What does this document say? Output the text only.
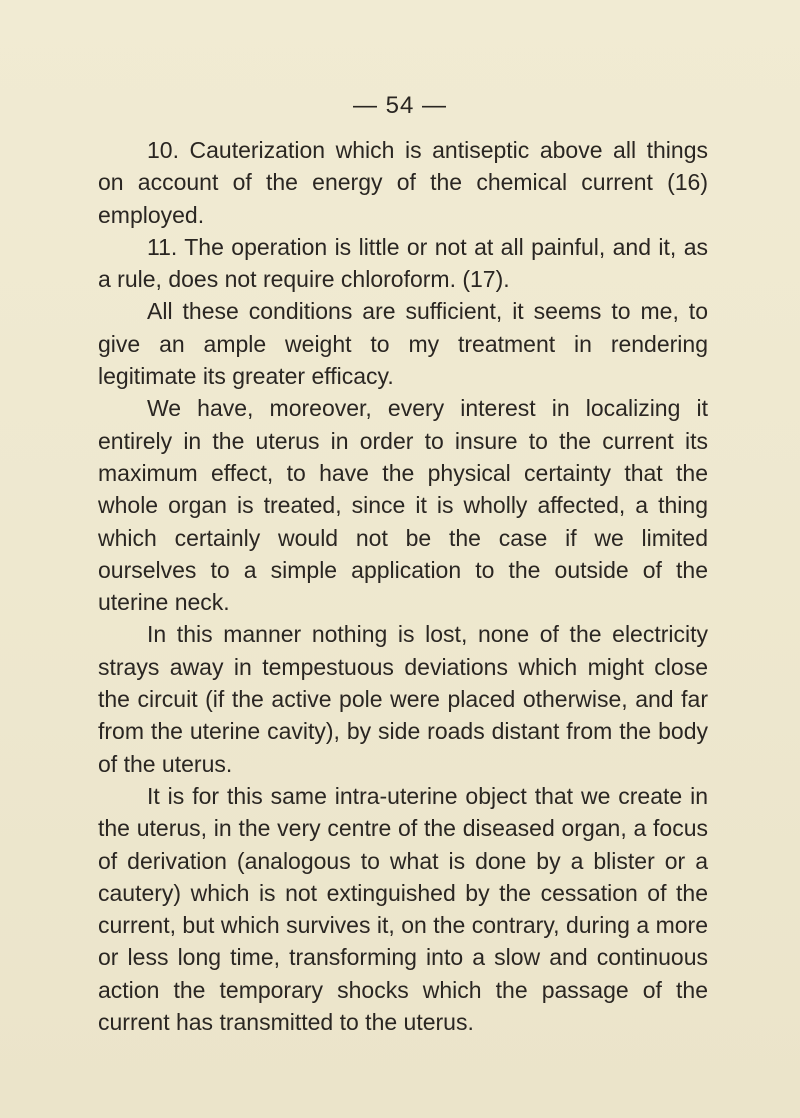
— 54 —

10. Cauterization which is antiseptic above all things on account of the energy of the chemical current (16) employed.

11. The operation is little or not at all painful, and it, as a rule, does not require chloroform. (17).

All these conditions are sufficient, it seems to me, to give an ample weight to my treatment in rendering legitimate its greater efficacy.

We have, moreover, every interest in localizing it entirely in the uterus in order to insure to the current its maximum effect, to have the physical certainty that the whole organ is treated, since it is wholly affected, a thing which certainly would not be the case if we limited ourselves to a simple application to the outside of the uterine neck.

In this manner nothing is lost, none of the electricity strays away in tempestuous deviations which might close the circuit (if the active pole were placed otherwise, and far from the uterine cavity), by side roads distant from the body of the uterus.

It is for this same intra-uterine object that we create in the uterus, in the very centre of the diseased organ, a focus of derivation (analogous to what is done by a blister or a cautery) which is not extinguished by the cessation of the current, but which survives it, on the contrary, during a more or less long time, transforming into a slow and continuous action the temporary shocks which the passage of the current has transmitted to the uterus.
